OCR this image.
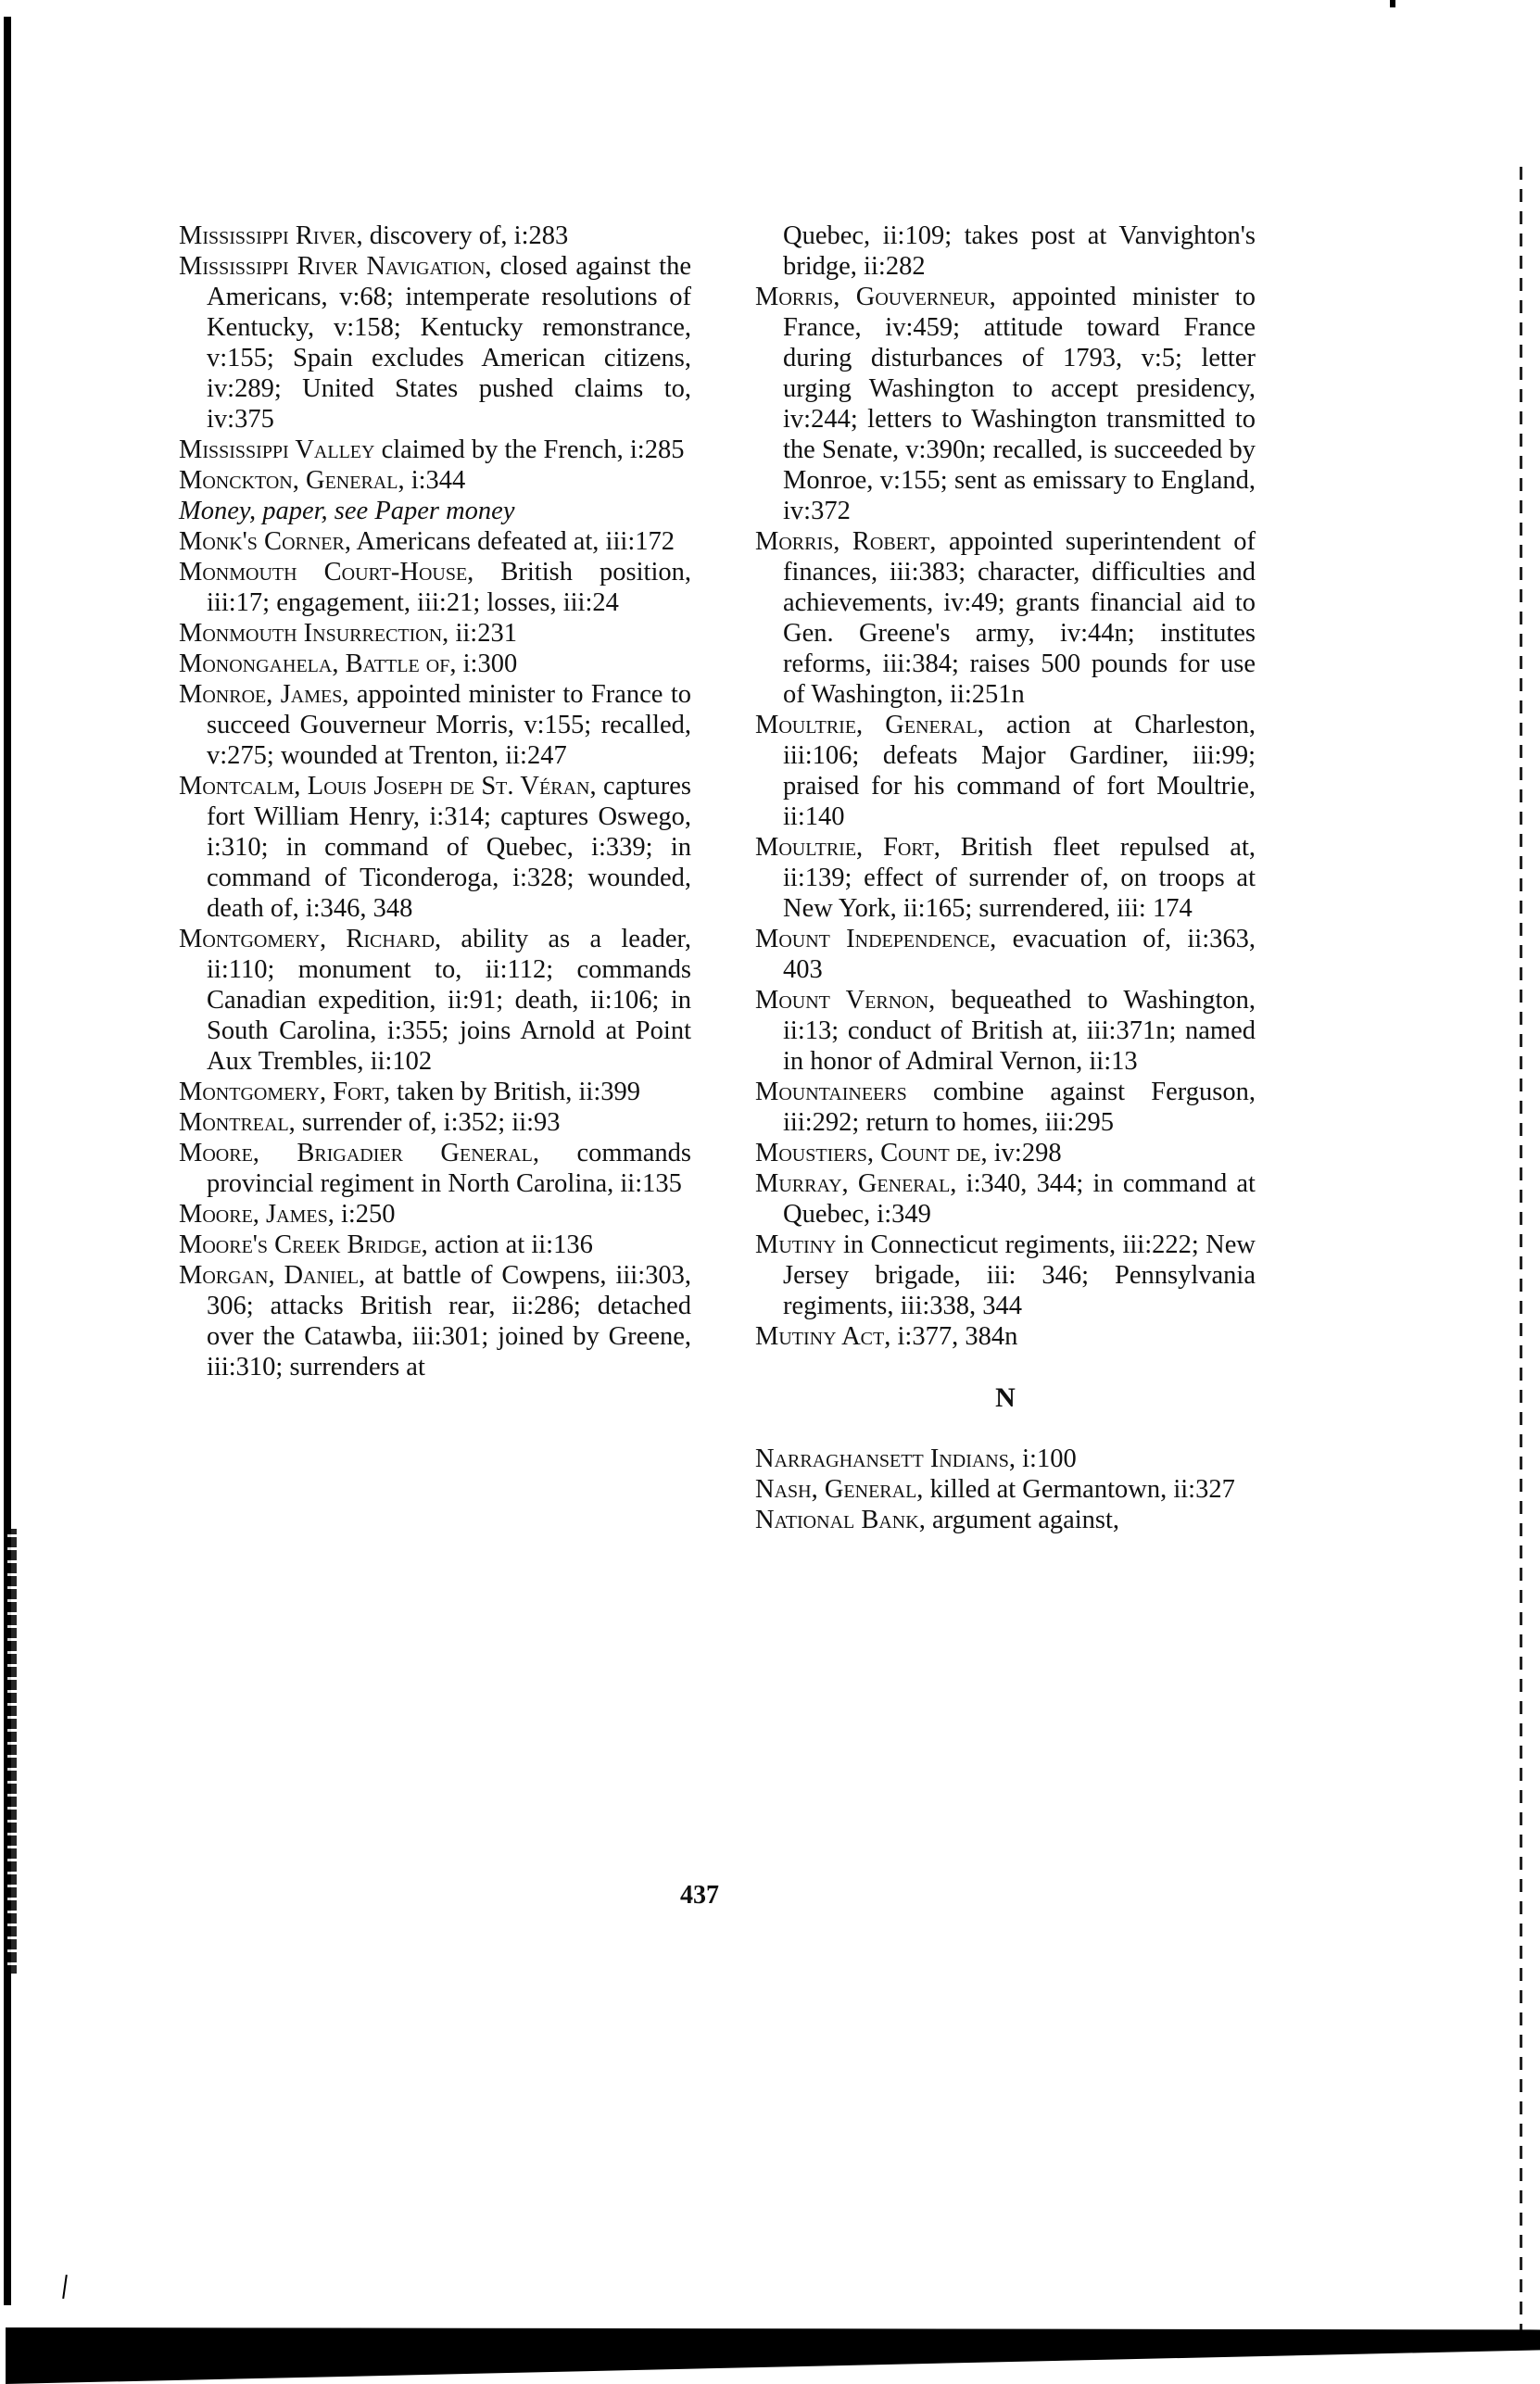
Mississippi River, discovery of, i:283

Mississippi River Navigation, closed against the Americans, v:68; intemperate resolutions of Kentucky, v:158; Kentucky remonstrance, v:155; Spain excludes American citizens, iv:289; United States pushed claims to, iv:375

Mississippi Valley claimed by the French, i:285

Monckton, General, i:344

Money, paper, see Paper money

Monk's Corner, Americans defeated at, iii:172

Monmouth Court-House, British position, iii:17; engagement, iii:21; losses, iii:24

Monmouth Insurrection, ii:231

Monongahela, Battle of, i:300

Monroe, James, appointed minister to France to succeed Gouverneur Morris, v:155; recalled, v:275; wounded at Trenton, ii:247

Montcalm, Louis Joseph de St. Véran, captures fort William Henry, i:314; captures Oswego, i:310; in command of Quebec, i:339; in command of Ticonderoga, i:328; wounded, death of, i:346, 348

Montgomery, Richard, ability as a leader, ii:110; monument to, ii:112; commands Canadian expedition, ii:91; death, ii:106; in South Carolina, i:355; joins Arnold at Point Aux Trembles, ii:102

Montgomery, Fort, taken by British, ii:399

Montreal, surrender of, i:352; ii:93

Moore, Brigadier General, commands provincial regiment in North Carolina, ii:135

Moore, James, i:250

Moore's Creek Bridge, action at ii:136

Morgan, Daniel, at battle of Cowpens, iii:303, 306; attacks British rear, ii:286; detached over the Catawba, iii:301; joined by Greene, iii:310; surrenders at

Quebec, ii:109; takes post at Vanvighton's bridge, ii:282

Morris, Gouverneur, appointed minister to France, iv:459; attitude toward France during disturbances of 1793, v:5; letter urging Washington to accept presidency, iv:244; letters to Washington transmitted to the Senate, v:390n; recalled, is succeeded by Monroe, v:155; sent as emissary to England, iv:372

Morris, Robert, appointed superintendent of finances, iii:383; character, difficulties and achievements, iv:49; grants financial aid to Gen. Greene's army, iv:44n; institutes reforms, iii:384; raises 500 pounds for use of Washington, ii:251n

Moultrie, General, action at Charleston, iii:106; defeats Major Gardiner, iii:99; praised for his command of fort Moultrie, ii:140

Moultrie, Fort, British fleet repulsed at, ii:139; effect of surrender of, on troops at New York, ii:165; surrendered, iii: 174

Mount Independence, evacuation of, ii:363, 403

Mount Vernon, bequeathed to Washington, ii:13; conduct of British at, iii:371n; named in honor of Admiral Vernon, ii:13

Mountaineers combine against Ferguson, iii:292; return to homes, iii:295

Moustiers, Count de, iv:298

Murray, General, i:340, 344; in command at Quebec, i:349

Mutiny in Connecticut regiments, iii:222; New Jersey brigade, iii: 346; Pennsylvania regiments, iii:338, 344

Mutiny Act, i:377, 384n

N

Narraghansett Indians, i:100

Nash, General, killed at Germantown, ii:327

National Bank, argument against,

437
